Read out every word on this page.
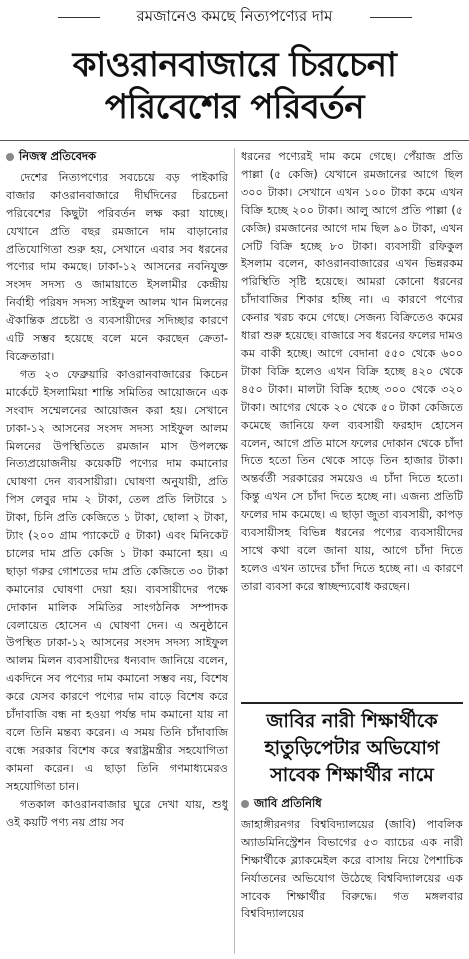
রমজানেও কমছে নিত্যপণ্যের দাম
কাওরানবাজারে চিরচেনা
পরিবেশের পরিবর্তন
নিজস্ব প্রতিবেদক

দেশের নিত্যপণ্যের সবচেয়ে বড় পাইকারি বাজার কাওরানবাজারে দীর্ঘদিনের চিরচেনা পরিবেশের কিছুটা পরিবর্তন লক্ষ করা যাচ্ছে। যেখানে প্রতি বছর রমজানে দাম বাড়ানোর প্রতিযোগিতা শুরু হয়, সেখানে এবার সব ধরনের পণ্যের দাম কমছে। ঢাকা-১২ আসনের নবনিযুক্ত সংসদ সদস্য ও জামায়াতে ইসলামীর কেন্দ্রীয় নির্বাহী পরিষদ সদস্য সাইফুল আলম খান মিলনের ঐকান্তিক প্রচেষ্টা ও ব্যবসায়ীদের সদিচ্ছার কারণে এটি সম্ভব হয়েছে বলে মনে করছেন ক্রেতা-বিক্রেতারা।

গত ২৩ ফেব্রুয়ারি কাওরানবাজারের কিচেন মার্কেটে ইসলামিয়া শান্তি সমিতির আয়োজনে এক সংবাদ সম্মেলনের আয়োজন করা হয়। সেখানে ঢাকা-১২ আসনের সংসদ সদস্য সাইফুল আলম মিলনের উপস্থিতিতে রমজান মাস উপলক্ষে নিত্যপ্রয়োজনীয় কয়েকটি পণ্যের দাম কমানোর ঘোষণা দেন ব্যবসায়ীরা। ঘোষণা অনুযায়ী, প্রতি পিস লেবুর দাম ২ টাকা, তেল প্রতি লিটারে ১ টাকা, চিনি প্রতি কেজিতে ১ টাকা, ছোলা ২ টাকা, ট্যাং (২০০ গ্রাম প্যাকেটে ৫ টাকা) এবং মিনিকেট চালের দাম প্রতি কেজি ১ টাকা কমানো হয়। এ ছাড়া গরুর গোশতের দাম প্রতি কেজিতে ৩০ টাকা কমানোর ঘোষণা দেয়া হয়। ব্যবসায়ীদের পক্ষে দোকান মালিক সমিতির সাংগঠনিক সম্পাদক বেলায়েত হোসেন এ ঘোষণা দেন। এ অনুষ্ঠানে উপস্থিত ঢাকা-১২ আসনের সংসদ সদস্য সাইফুল আলম মিলন ব্যবসায়ীদের ধন্যবাদ জানিয়ে বলেন, একদিনে সব পণ্যের দাম কমানো সম্ভব নয়, বিশেষ করে যেসব কারণে পণ্যের দাম বাড়ে বিশেষ করে চাঁদাবাজি বন্ধ না হওয়া পর্যন্ত দাম কমানো যায় না বলে তিনি মন্তব্য করেন। এ সময় তিনি চাঁদাবাজি বন্ধে সরকার বিশেষ করে স্বরাষ্ট্রমন্ত্রীর সহযোগিতা কামনা করেন। এ ছাড়া তিনি গণমাধ্যমেরও সহযোগিতা চান।

গতকাল কাওরানবাজার ঘুরে দেখা যায়, শুধু ওই কয়টি পণ্য নয় প্রায় সব

ধরনের পণ্যেরই দাম কমে গেছে। পেঁয়াজ প্রতি পাল্লা (৫ কেজি) যেখানে রমজানের আগে ছিল ৩০০ টাকা। সেখানে এখন ১০০ টাকা কমে এখন বিক্রি হচ্ছে ২০০ টাকা। আলু আগে প্রতি পাল্লা (৫ কেজি) রমজানের আগে দাম ছিল ৯০ টাকা, এখন সেটি বিক্রি হচ্ছে ৮০ টাকা। ব্যবসায়ী রফিকুল ইসলাম বলেন, কাওরানবাজারের এখন ভিন্নরকম পরিস্থিতি সৃষ্টি হয়েছে। আমরা কোনো ধরনের চাঁদাবাজির শিকার হচ্ছি না। এ কারণে পণ্যের কেনার খরচ কমে গেছে। সেজন্য বিক্রিতেও কমের ধারা শুরু হয়েছে। বাজারে সব ধরনের ফলের দামও কম বাকী হচ্ছে। আগে বেদানা ৫৫০ থেকে ৬০০ টাকা বিক্রি হলেও এখন বিক্রি হচ্ছে ৪২০ থেকে ৪৫০ টাকা। মালটা বিক্রি হচ্ছে ৩০০ থেকে ৩২০ টাকা। আগের থেকে ২০ থেকে ৫০ টাকা কেজিতে কমেছে জানিয়ে ফল ব্যবসায়ী ফরহাদ হোসেন বলেন, আগে প্রতি মাসে ফলের দোকান থেকে চাঁদা দিতে হতো তিন থেকে সাড়ে তিন হাজার টাকা। অন্তর্বর্তী সরকারের সময়েও এ চাঁদা দিতে হতো। কিন্তু এখন সে চাঁদা দিতে হচ্ছে না। এজন্য প্রতিটি ফলের দাম কমেছে। এ ছাড়া জুতা ব্যবসায়ী, কাপড় ব্যবসায়ীসহ বিভিন্ন ধরনের পণ্যের ব্যবসায়ীদের সাথে কথা বলে জানা যায়, আগে চাঁদা দিতে হলেও এখন তাদের চাঁদা দিতে হচ্ছে না। এ কারণে তারা ব্যবসা করে স্বাচ্ছন্দ্যবোধ করছেন।

জাবির নারী শিক্ষার্থীকে
হাতুড়িপেটার অভিযোগ
সাবেক শিক্ষার্থীর নামে
জাবি প্রতিনিধি

জাহাঙ্গীরনগর বিশ্ববিদ্যালয়ের (জাবি) পাবলিক অ্যাডমিনিস্ট্রেশন বিভাগের ৫৩ ব্যাচের এক নারী শিক্ষার্থীকে ব্ল্যাকমেইল করে বাসায় নিয়ে পৈশাচিক নির্যাতনের অভিযোগ উঠেছে বিশ্ববিদ্যালয়ের এক সাবেক শিক্ষার্থীর বিরুদ্ধে। গত মঙ্গলবার বিশ্ববিদ্যালয়ের
